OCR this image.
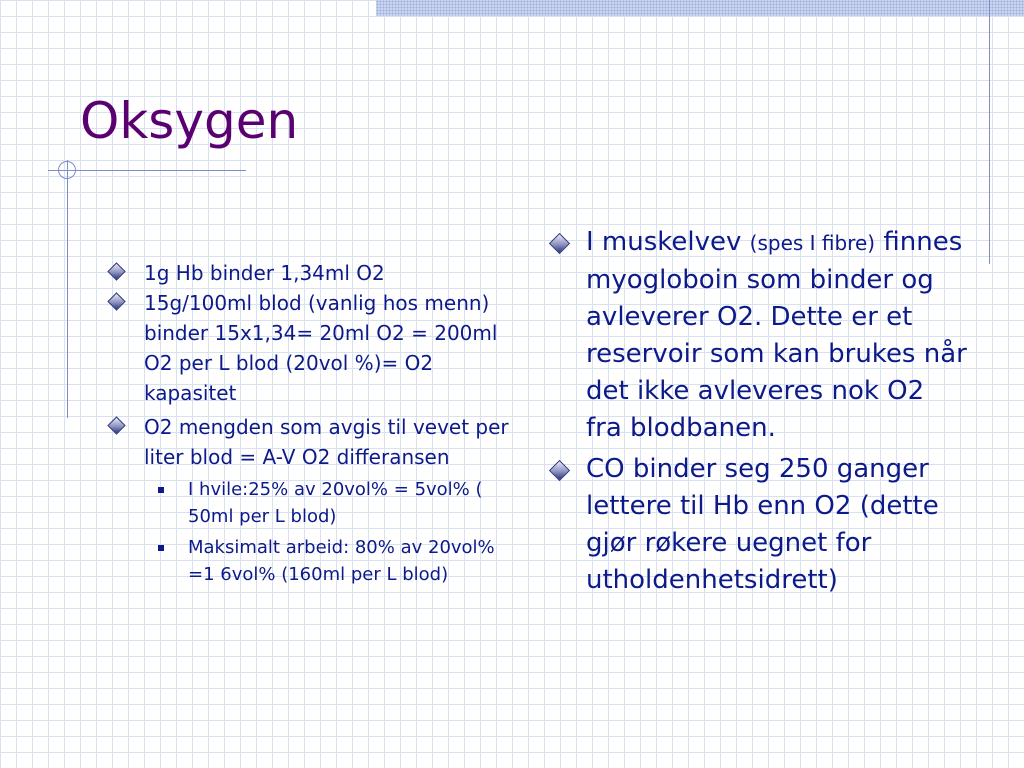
Oksygen
1g Hb binder 1,34ml O2
15g/100ml blod (vanlig hos menn) binder 15x1,34= 20ml O2 = 200ml O2 per L blod (20vol %)= O2 kapasitet
O2 mengden som avgis til vevet per liter blod = A-V O2 differansen
I hvile:25% av 20vol% = 5vol% ( 50ml per L blod)
Maksimalt arbeid: 80% av 20vol% =1 6vol% (160ml per L blod)
I muskelvev (spes I fibre) finnes myogloboin som binder og avleverer O2. Dette er et reservoir som kan brukes når det ikke avleveres nok O2 fra blodbanen.
CO binder seg 250 ganger lettere til Hb enn O2 (dette gjør røkere uegnet for utholdenhetsidrett)
